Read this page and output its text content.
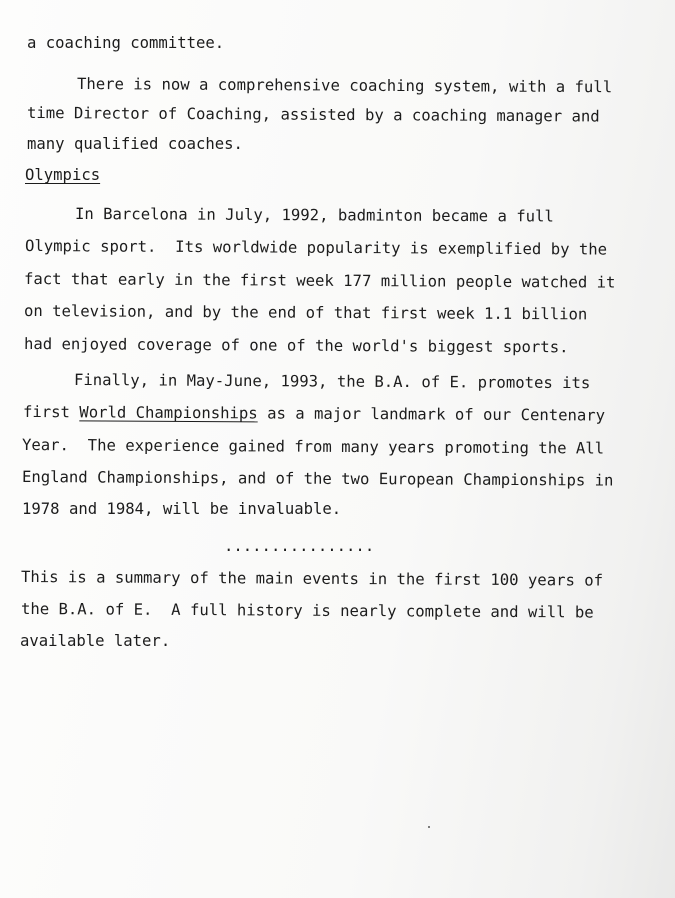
a coaching committee.

There is now a comprehensive coaching system, with a full

time Director of Coaching, assisted by a coaching manager and

many qualified coaches.

Olympics

In Barcelona in July, 1992, badminton became a full

Olympic sport.  Its worldwide popularity is exemplified by the

fact that early in the first week 177 million people watched it

on television, and by the end of that first week 1.1 billion

had enjoyed coverage of one of the world's biggest sports.

Finally, in May-June, 1993, the B.A. of E. promotes its

first World Championships as a major landmark of our Centenary

Year.  The experience gained from many years promoting the All

England Championships, and of the two European Championships in

1978 and 1984, will be invaluable.

................

This is a summary of the main events in the first 100 years of

the B.A. of E.  A full history is nearly complete and will be

available later.
